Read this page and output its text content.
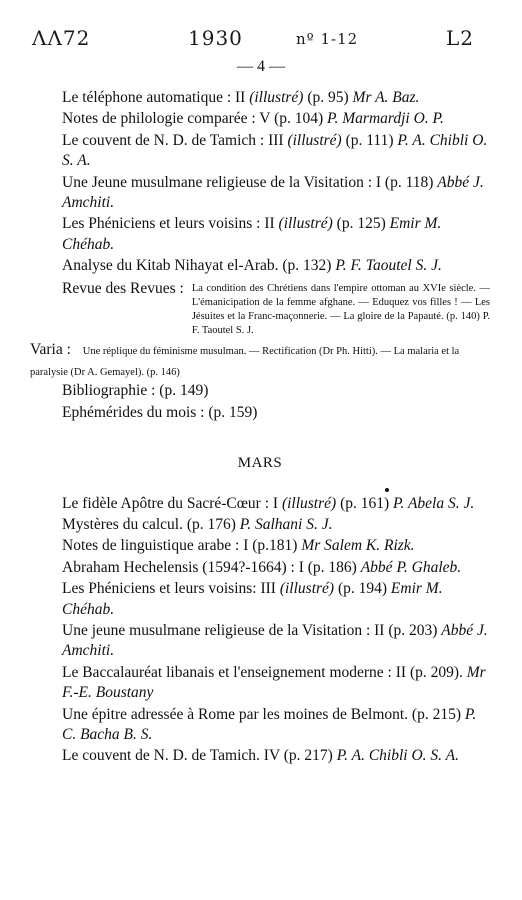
ΛΛ72	1930	nº 1-12	L2
— 4 —
Le téléphone automatique : II (illustré) (p. 95) Mr A. Baz.
Notes de philologie comparée : V (p. 104) P. Marmardji O. P.
Le couvent de N. D. de Tamich : III (illustré) (p. 111) P. A. Chibli O. S. A.
Une Jeune musulmane religieuse de la Visitation : I (p. 118) Abbé J. Amchiti.
Les Phéniciens et leurs voisins : II (illustré) (p. 125) Emir M. Chéhab.
Analyse du Kitab Nihayat el-Arab. (p. 132) P. F. Taoutel S. J.
Revue des Revues : La condition des Chrétiens dans l'empire ottoman au XVIe siècle. — L'émanicipation de la femme afghane. — Eduquez vos filles ! — Les Jésuites et la Franc-maçonnerie. — La gloire de la Papauté. (p. 140) P. F. Taoutel S. J.
Varia : Une réplique du féminisme musulman. — Rectification (Dr Ph. Hitti). — La malaria et la paralysie (Dr A. Gemayel). (p. 146)
Bibliographie : (p. 149)
Ephémérides du mois : (p. 159)
MARS
Le fidèle Apôtre du Sacré-Cœur : I (illustré) (p. 161) P. Abela S. J.
Mystères du calcul. (p. 176) P. Salhani S. J.
Notes de linguistique arabe : I (p.181) Mr Salem K. Rizk.
Abraham Hechelensis (1594?-1664) : I (p. 186) Abbé P. Ghaleb.
Les Phéniciens et leurs voisins: III (illustré) (p. 194) Emir M. Chéhab.
Une jeune musulmane religieuse de la Visitation : II (p. 203) Abbé J. Amchiti.
Le Baccalauréat libanais et l'enseignement moderne : II (p. 209). Mr F.-E. Boustany
Une épitre adressée à Rome par les moines de Belmont. (p. 215) P. C. Bacha B. S.
Le couvent de N. D. de Tamich. IV (p. 217) P. A. Chibli O. S. A.
